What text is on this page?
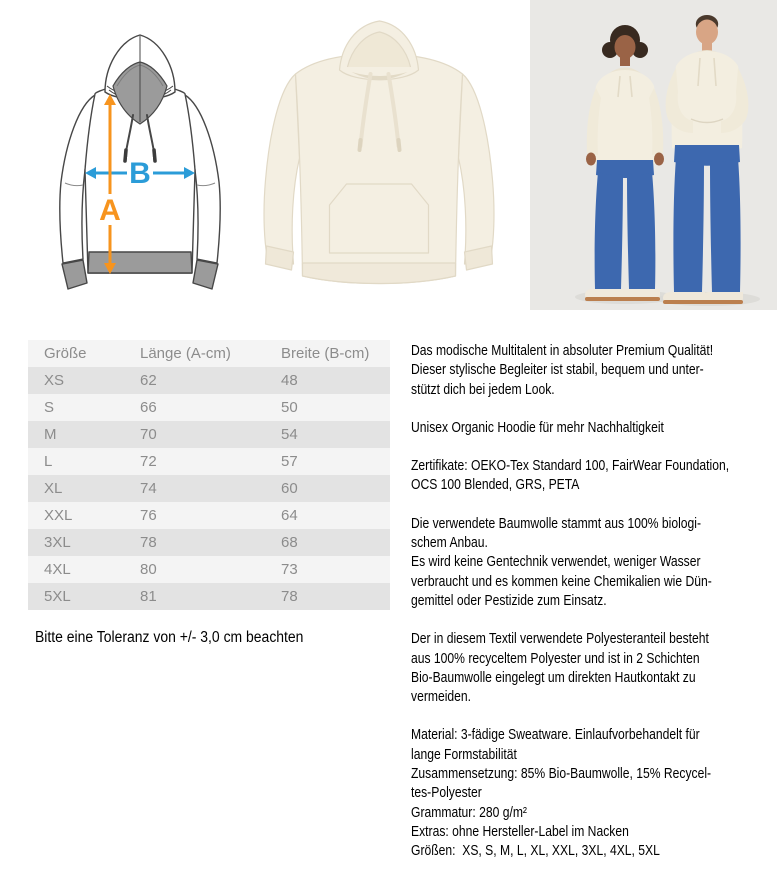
B
A
Größe	Länge (A-cm)	Breite (B-cm)
XS	62	48
S	66	50
M	70	54
L	72	57
XL	74	60
XXL	76	64
3XL	78	68
4XL	80	73
5XL	81	78
Bitte eine Toleranz von +/- 3,0 cm beachten
Das modische Multitalent in absoluter Premium Qualität!
Dieser stylische Begleiter ist stabil, bequem und unter-
stützt dich bei jedem Look.
Unisex Organic Hoodie für mehr Nachhaltigkeit
Zertifikate: OEKO-Tex Standard 100, FairWear Foundation,
OCS 100 Blended, GRS, PETA
Die verwendete Baumwolle stammt aus 100% biologi-
schem Anbau.
Es wird keine Gentechnik verwendet, weniger Wasser
verbraucht und es kommen keine Chemikalien wie Dün-
gemittel oder Pestizide zum Einsatz.
Der in diesem Textil verwendete Polyesteranteil besteht
aus 100% recyceltem Polyester und ist in 2 Schichten
Bio-Baumwolle eingelegt um direkten Hautkontakt zu
vermeiden.
Material: 3-fädige Sweatware. Einlaufvorbehandelt für
lange Formstabilität
Zusammensetzung: 85% Bio-Baumwolle, 15% Recycel-
tes-Polyester
Grammatur: 280 g/m²
Extras: ohne Hersteller-Label im Nacken
Größen:  XS, S, M, L, XL, XXL, 3XL, 4XL, 5XL
